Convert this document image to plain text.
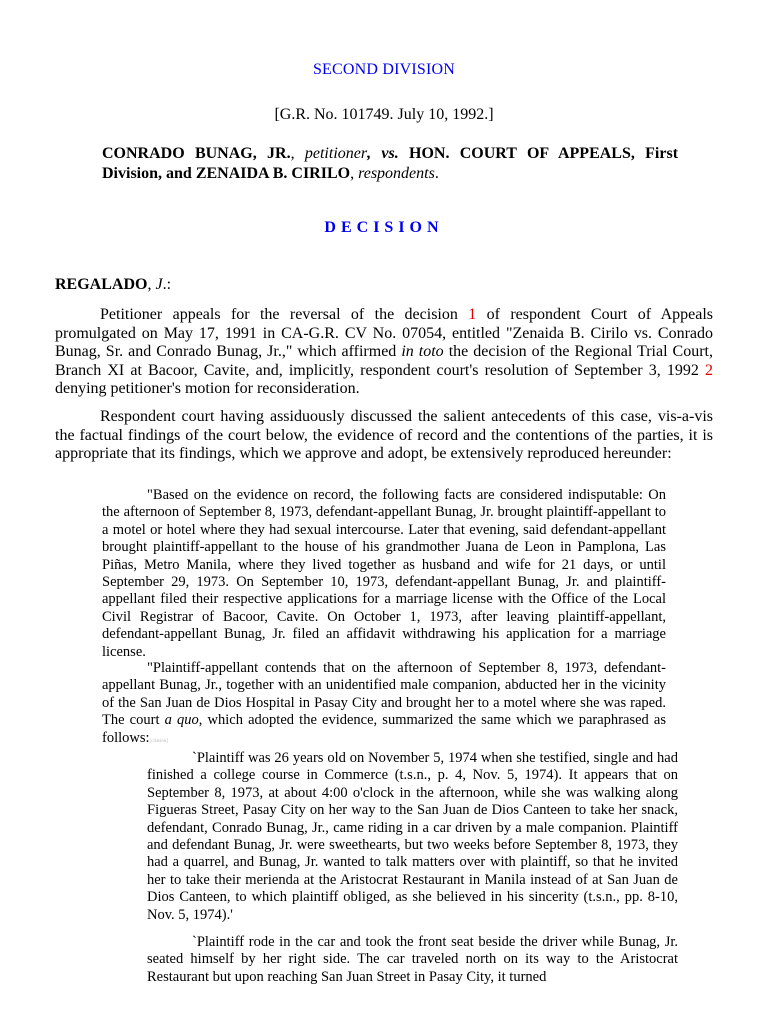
SECOND DIVISION
[G.R. No. 101749. July 10, 1992.]
CONRADO BUNAG, JR., petitioner, vs. HON. COURT OF APPEALS, First Division, and ZENAIDA B. CIRILO, respondents.
DECISION
REGALADO, J.:
Petitioner appeals for the reversal of the decision 1 of respondent Court of Appeals promulgated on May 17, 1991 in CA-G.R. CV No. 07054, entitled "Zenaida B. Cirilo vs. Conrado Bunag, Sr. and Conrado Bunag, Jr.," which affirmed in toto the decision of the Regional Trial Court, Branch XI at Bacoor, Cavite, and, implicitly, respondent court's resolution of September 3, 1992 2 denying petitioner's motion for reconsideration.
Respondent court having assiduously discussed the salient antecedents of this case, vis-a-vis the factual findings of the court below, the evidence of record and the contentions of the parties, it is appropriate that its findings, which we approve and adopt, be extensively reproduced hereunder:
"Based on the evidence on record, the following facts are considered indisputable: On the afternoon of September 8, 1973, defendant-appellant Bunag, Jr. brought plaintiff-appellant to a motel or hotel where they had sexual intercourse. Later that evening, said defendant-appellant brought plaintiff-appellant to the house of his grandmother Juana de Leon in Pamplona, Las Piñas, Metro Manila, where they lived together as husband and wife for 21 days, or until September 29, 1973. On September 10, 1973, defendant-appellant Bunag, Jr. and plaintiff-appellant filed their respective applications for a marriage license with the Office of the Local Civil Registrar of Bacoor, Cavite. On October 1, 1973, after leaving plaintiff-appellant, defendant-appellant Bunag, Jr. filed an affidavit withdrawing his application for a marriage license.
"Plaintiff-appellant contends that on the afternoon of September 8, 1973, defendant-appellant Bunag, Jr., together with an unidentified male companion, abducted her in the vicinity of the San Juan de Dios Hospital in Pasay City and brought her to a motel where she was raped. The court a quo, which adopted the evidence, summarized the same which we paraphrased as follows:[citation]
`Plaintiff was 26 years old on November 5, 1974 when she testified, single and had finished a college course in Commerce (t.s.n., p. 4, Nov. 5, 1974). It appears that on September 8, 1973, at about 4:00 o'clock in the afternoon, while she was walking along Figueras Street, Pasay City on her way to the San Juan de Dios Canteen to take her snack, defendant, Conrado Bunag, Jr., came riding in a car driven by a male companion. Plaintiff and defendant Bunag, Jr. were sweethearts, but two weeks before September 8, 1973, they had a quarrel, and Bunag, Jr. wanted to talk matters over with plaintiff, so that he invited her to take their merienda at the Aristocrat Restaurant in Manila instead of at San Juan de Dios Canteen, to which plaintiff obliged, as she believed in his sincerity (t.s.n., pp. 8-10, Nov. 5, 1974).'
`Plaintiff rode in the car and took the front seat beside the driver while Bunag, Jr. seated himself by her right side. The car traveled north on its way to the Aristocrat Restaurant but upon reaching San Juan Street in Pasay City, it turned
